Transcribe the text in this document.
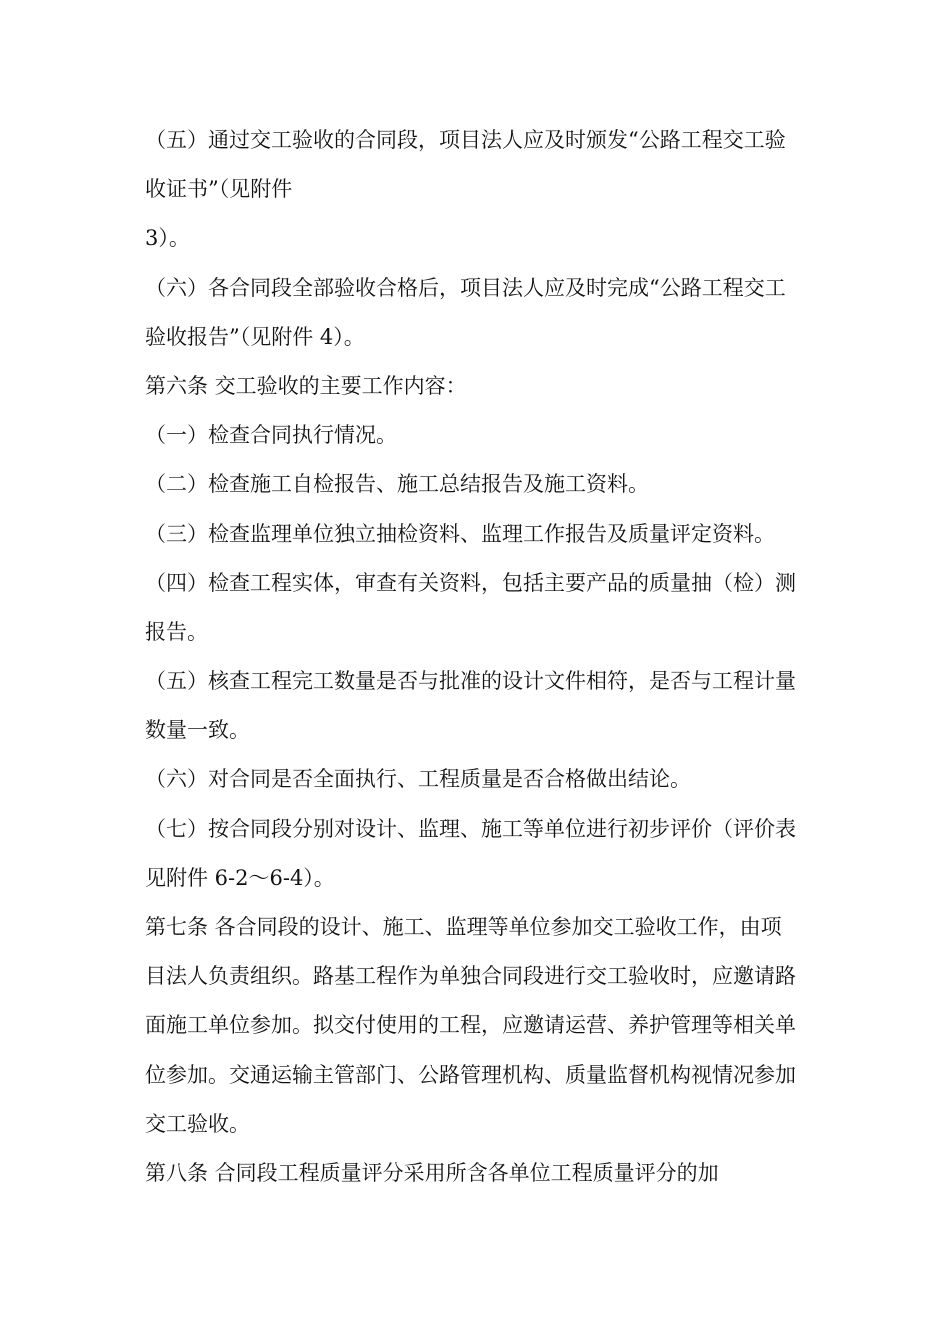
（五）通过交工验收的合同段，项目法人应及时颁发“公路工程交工验
收证书”（见附件
3）。
（六）各合同段全部验收合格后，项目法人应及时完成“公路工程交工
验收报告”（见附件 4）。
第六条 交工验收的主要工作内容：
（一）检查合同执行情况。
（二）检查施工自检报告、施工总结报告及施工资料。
（三）检查监理单位独立抽检资料、监理工作报告及质量评定资料。
（四）检查工程实体，审查有关资料，包括主要产品的质量抽（检）测
报告。
（五）核查工程完工数量是否与批准的设计文件相符，是否与工程计量
数量一致。
（六）对合同是否全面执行、工程质量是否合格做出结论。
（七）按合同段分别对设计、监理、施工等单位进行初步评价（评价表
见附件 6-2～6-4）。
第七条 各合同段的设计、施工、监理等单位参加交工验收工作，由项
目法人负责组织。路基工程作为单独合同段进行交工验收时，应邀请路
面施工单位参加。拟交付使用的工程，应邀请运营、养护管理等相关单
位参加。交通运输主管部门、公路管理机构、质量监督机构视情况参加
交工验收。
第八条 合同段工程质量评分采用所含各单位工程质量评分的加
